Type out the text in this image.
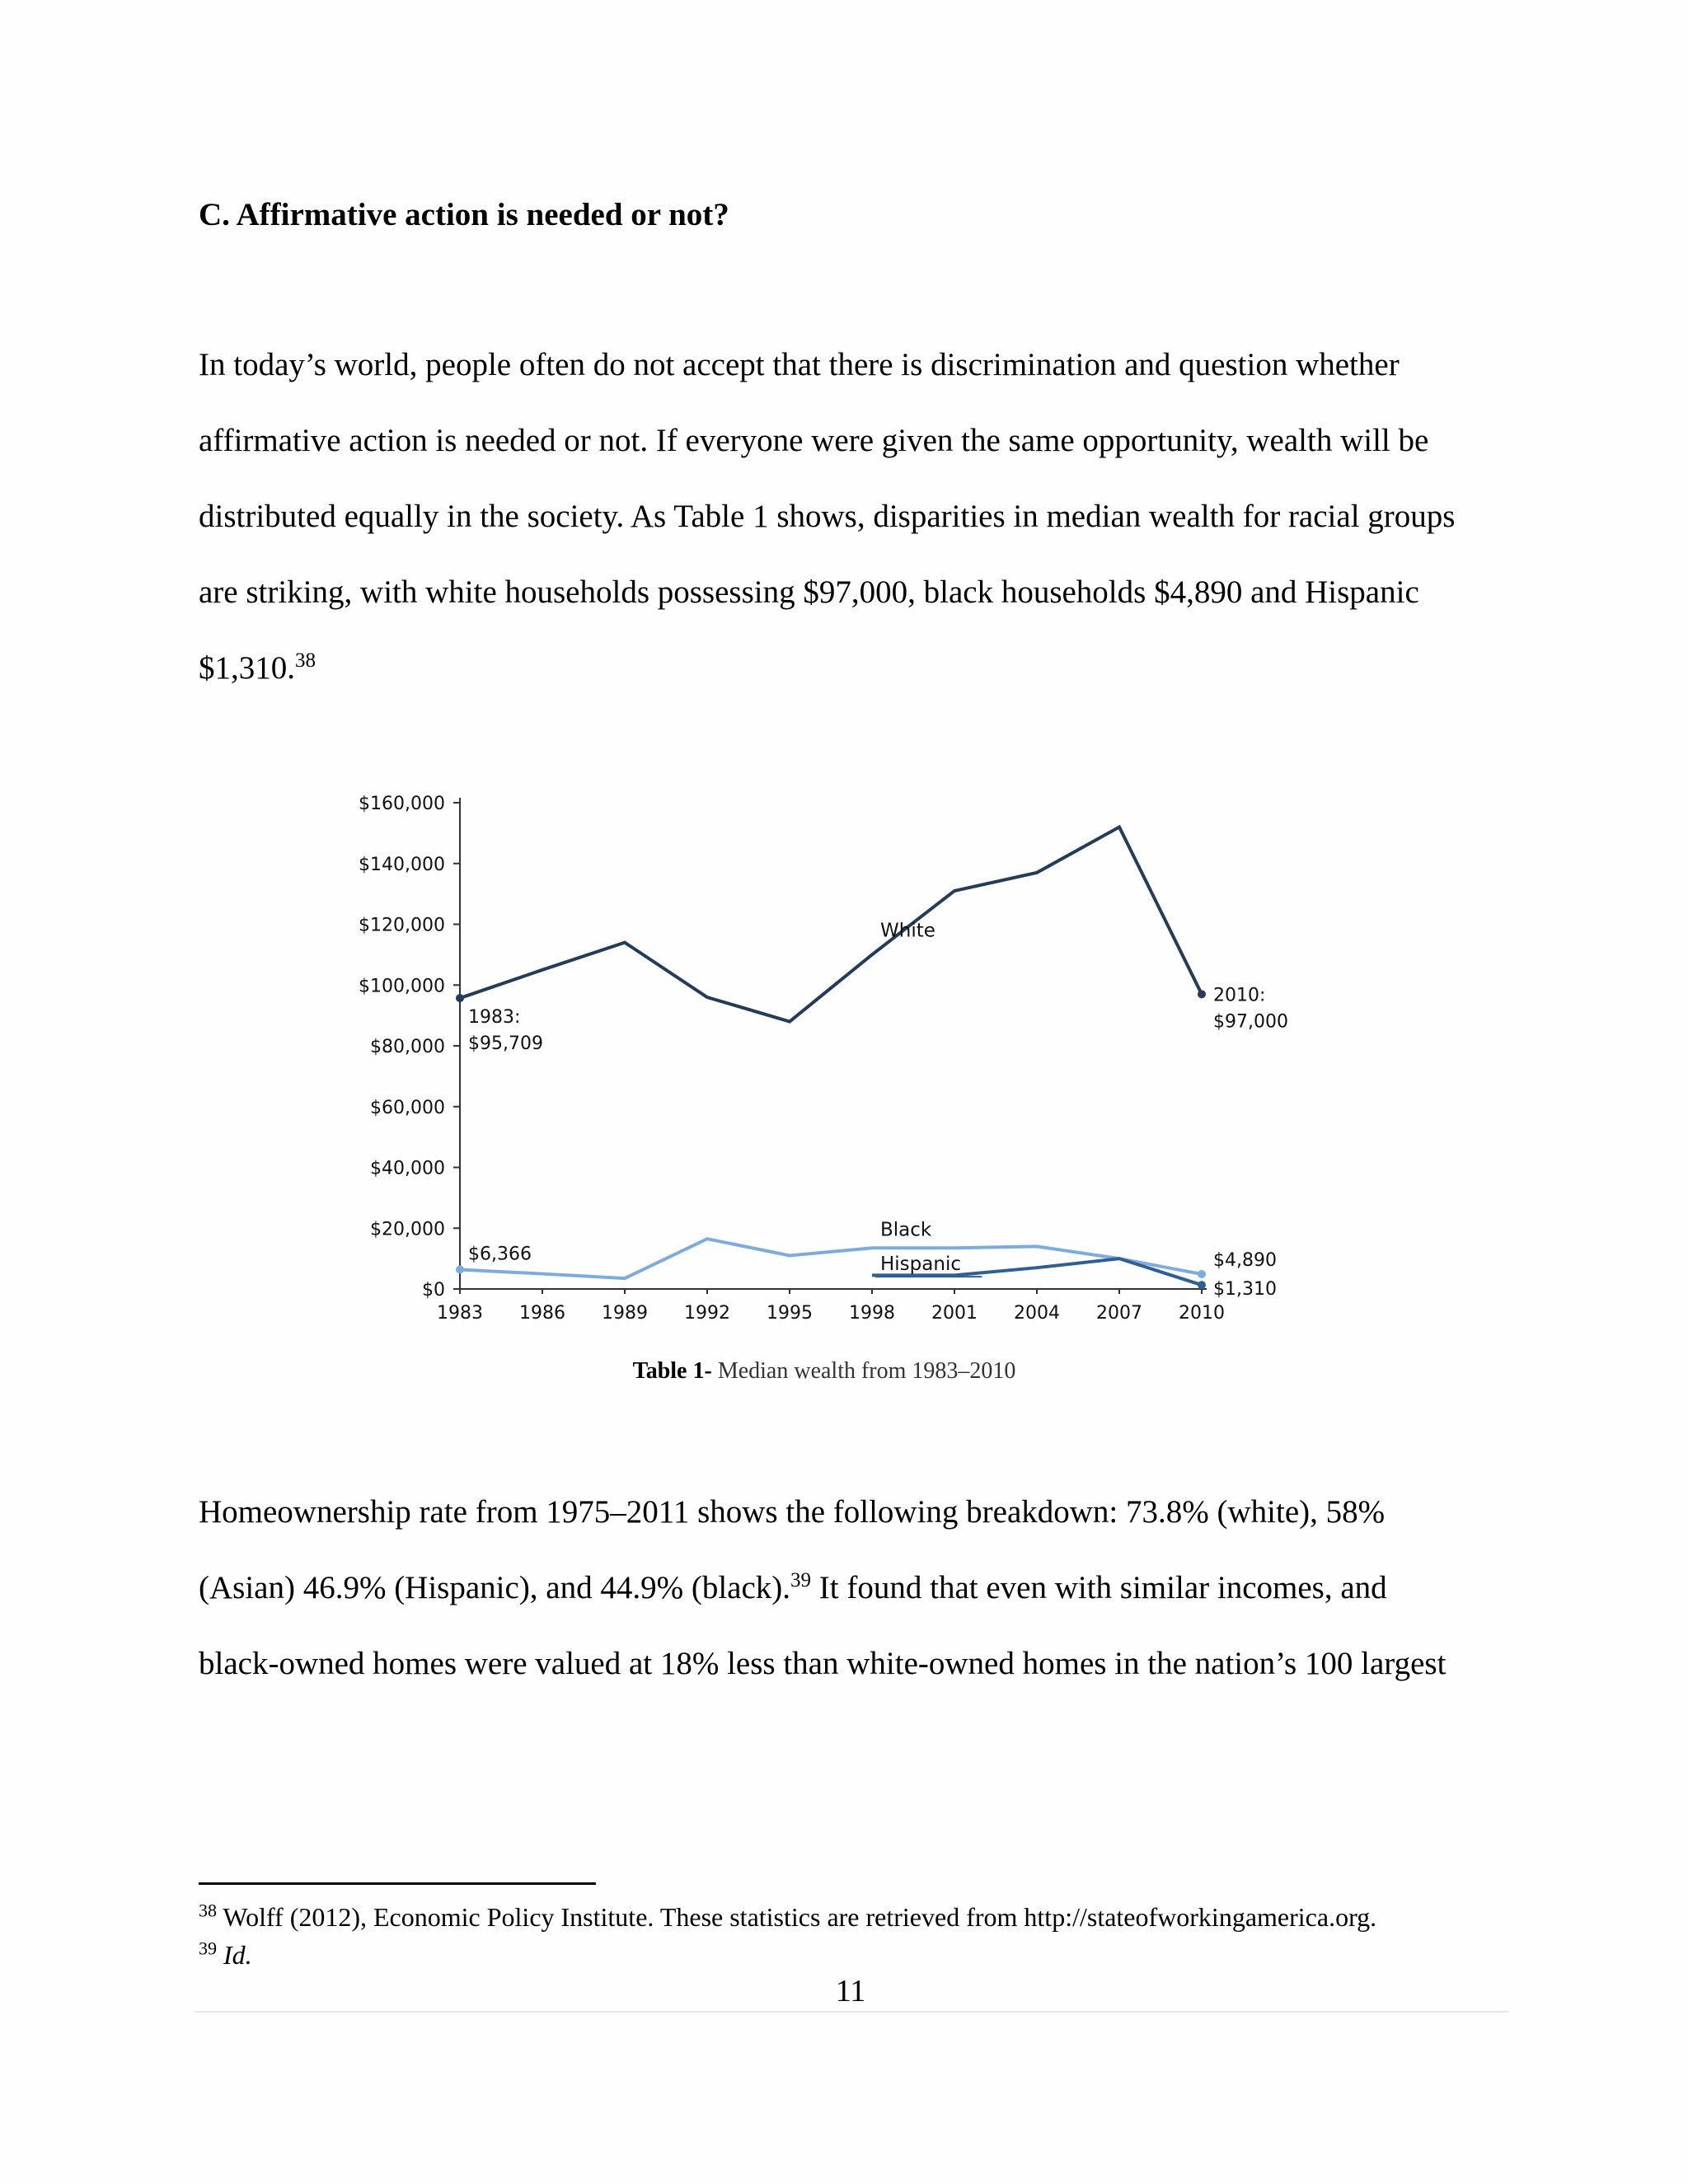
C. Affirmative action is needed or not?
In today’s world, people often do not accept that there is discrimination and question whether
affirmative action is needed or not. If everyone were given the same opportunity, wealth will be
distributed equally in the society. As Table 1 shows, disparities in median wealth for racial groups
are striking, with white households possessing $97,000, black households $4,890 and Hispanic
$1,310.38
$0
$20,000
$40,000
$60,000
$80,000
$100,000
$120,000
$140,000
$160,000
1983 1986 1989 1992 1995 1998 2001 2004 2007 2010
White
Black
Hispanic
1983:
$95,709
2010:
$97,000
$6,366	$4,890
$1,310
Table 1- Median wealth from 1983–2010
Homeownership rate from 1975–2011 shows the following breakdown: 73.8% (white), 58%
(Asian) 46.9% (Hispanic), and 44.9% (black).$^{39}$ It found that even with similar incomes, and
black-owned homes were valued at 18% less than white-owned homes in the nation’s 100 largest
$^{38}$ Wolff (2012), Economic Policy Institute. These statistics are retrieved from http://stateofworkingamerica.org.
$^{39}$ Id.
11
